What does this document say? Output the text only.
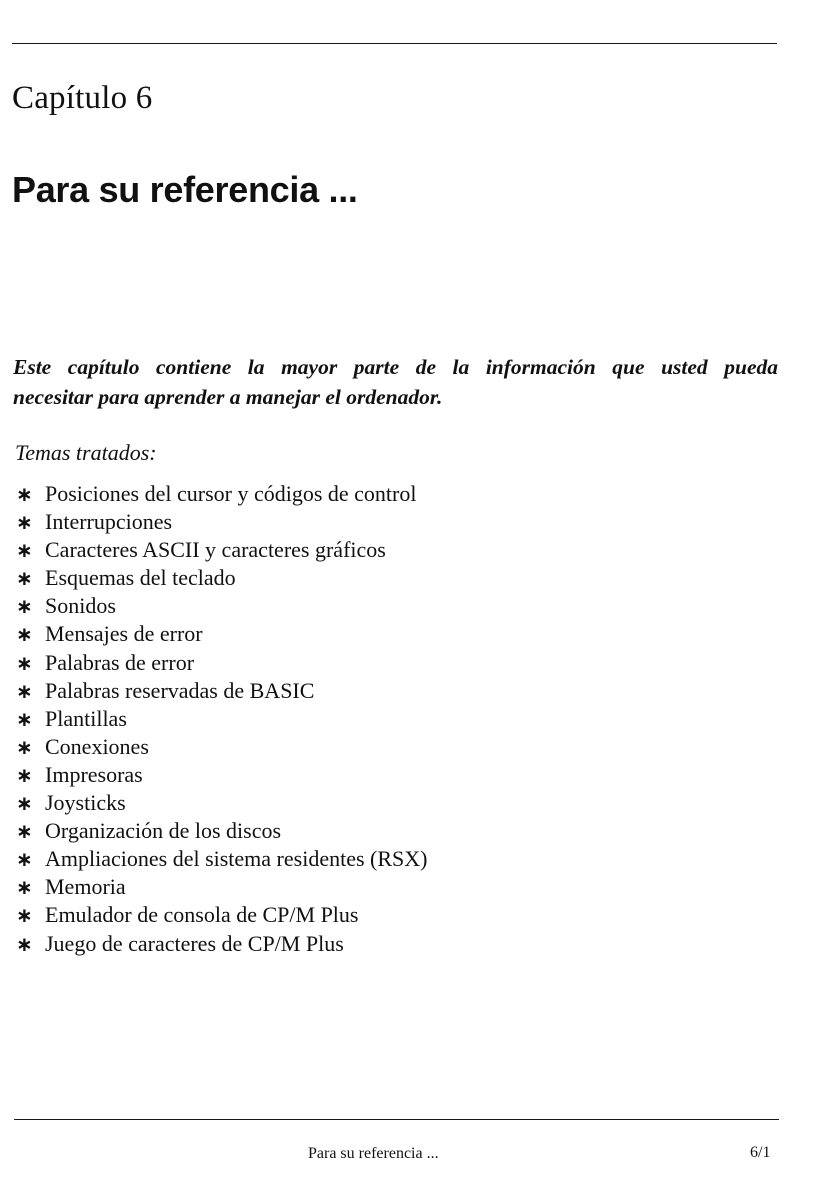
Capítulo 6
Para su referencia ...
Este capítulo contiene la mayor parte de la información que usted pueda
necesitar para aprender a manejar el ordenador.
Temas tratados:
∗ Posiciones del cursor y códigos de control
∗ Interrupciones
∗ Caracteres ASCII y caracteres gráficos
∗ Esquemas del teclado
∗ Sonidos
∗ Mensajes de error
∗ Palabras de error
∗ Palabras reservadas de BASIC
∗ Plantillas
∗ Conexiones
∗ Impresoras
∗ Joysticks
∗ Organización de los discos
∗ Ampliaciones del sistema residentes (RSX)
∗ Memoria
∗ Emulador de consola de CP/M Plus
∗ Juego de caracteres de CP/M Plus
Para su referencia ...	6/1
